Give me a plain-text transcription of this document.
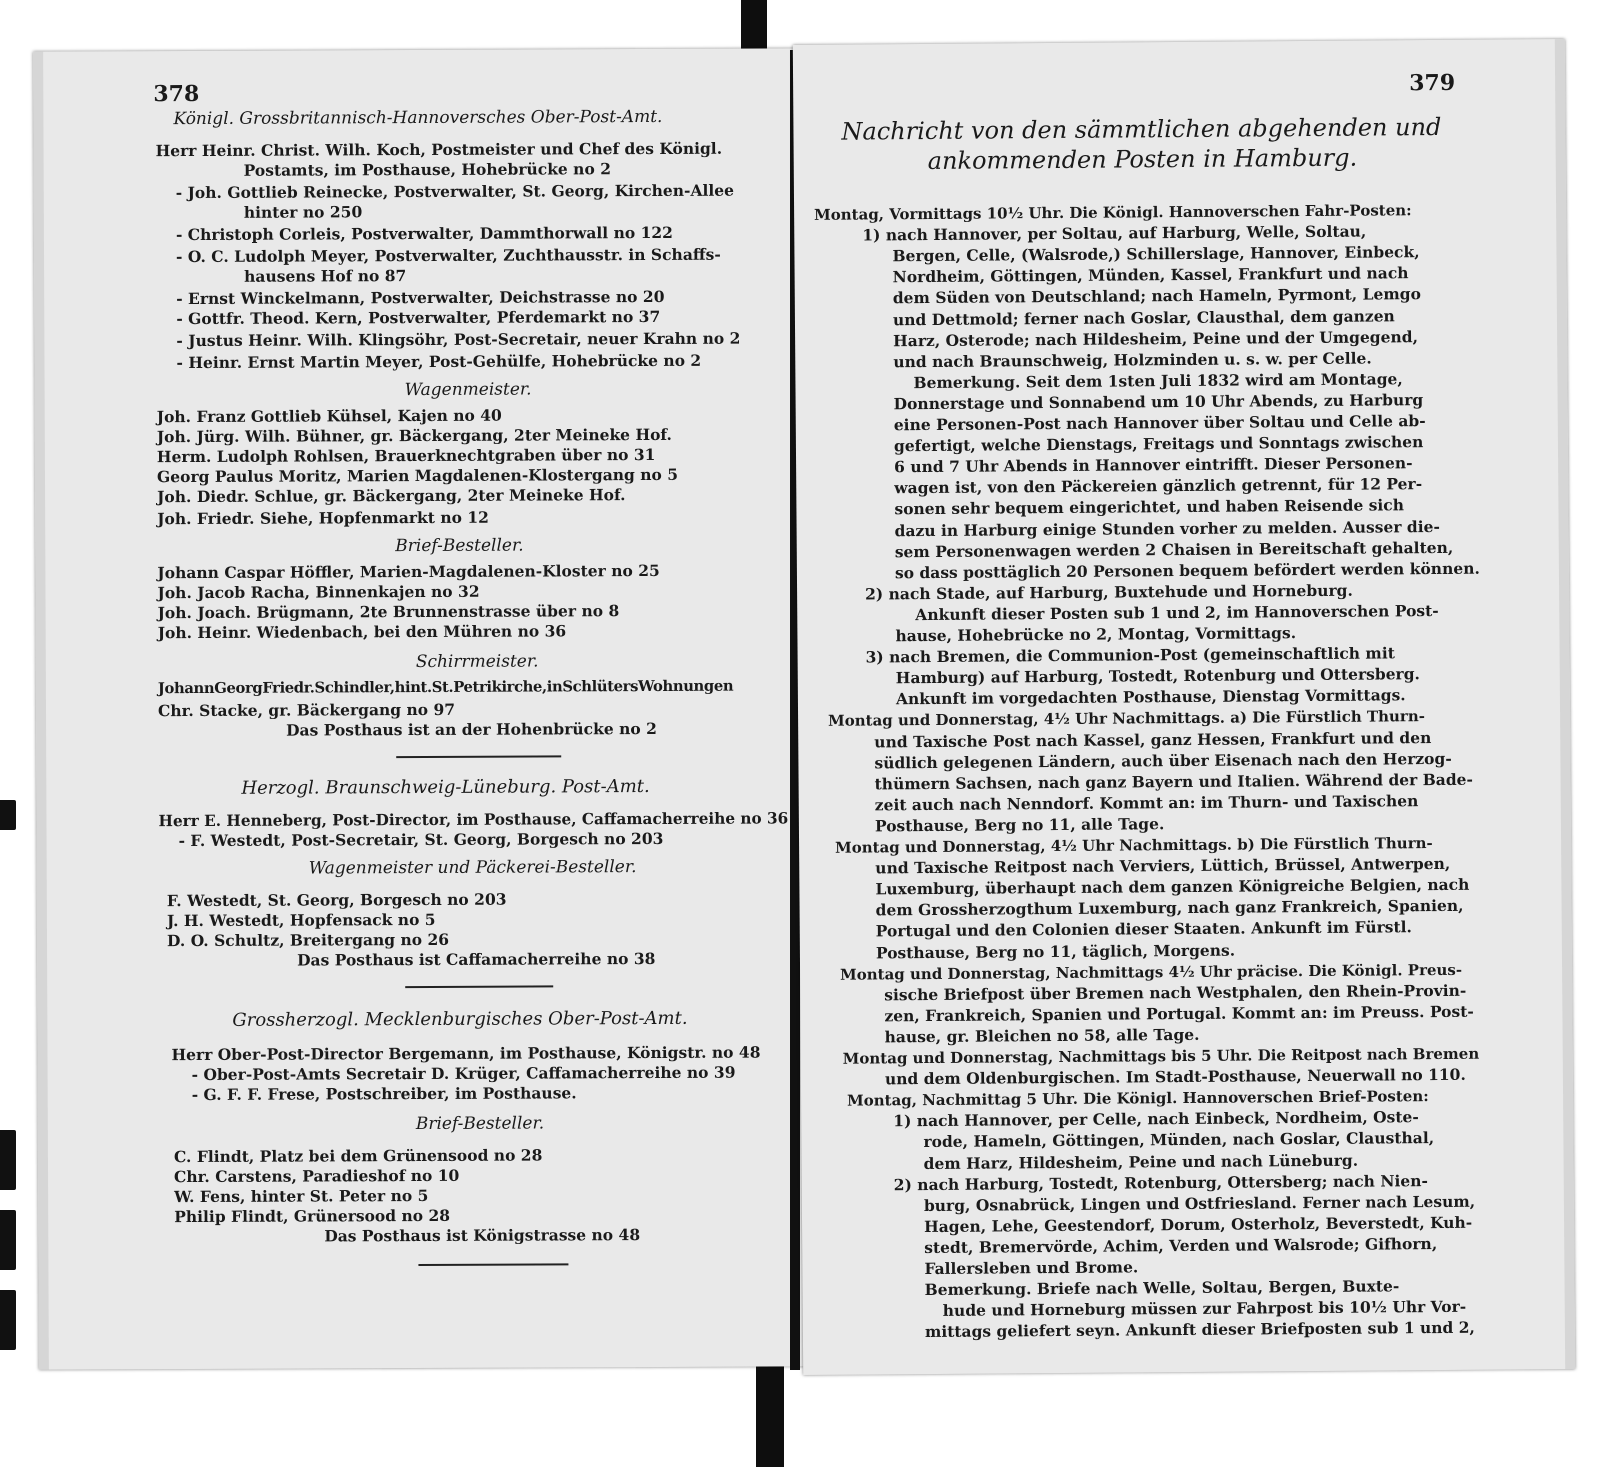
378
Königl. Grossbritannisch-Hannoversches Ober-Post-Amt.
Herr Heinr. Christ. Wilh. Koch, Postmeister und Chef des Königl.
Postamts, im Posthause, Hohebrücke no 2
- Joh. Gottlieb Reinecke, Postverwalter, St. Georg, Kirchen-Allee
hinter no 250
- Christoph Corleis, Postverwalter, Dammthorwall no 122
- O. C. Ludolph Meyer, Postverwalter, Zuchthausstr. in Schaffs-
hausens Hof no 87
- Ernst Winckelmann, Postverwalter, Deichstrasse no 20
- Gottfr. Theod. Kern, Postverwalter, Pferdemarkt no 37
- Justus Heinr. Wilh. Klingsöhr, Post-Secretair, neuer Krahn no 2
- Heinr. Ernst Martin Meyer, Post-Gehülfe, Hohebrücke no 2
Wagenmeister.
Joh. Franz Gottlieb Kühsel, Kajen no 40
Joh. Jürg. Wilh. Bühner, gr. Bäckergang, 2ter Meineke Hof.
Herm. Ludolph Rohlsen, Brauerknechtgraben über no 31
Georg Paulus Moritz, Marien Magdalenen-Klostergang no 5
Joh. Diedr. Schlue, gr. Bäckergang, 2ter Meineke Hof.
Joh. Friedr. Siehe, Hopfenmarkt no 12
Brief-Besteller.
Johann Caspar Höffler, Marien-Magdalenen-Kloster no 25
Joh. Jacob Racha, Binnenkajen no 32
Joh. Joach. Brügmann, 2te Brunnenstrasse über no 8
Joh. Heinr. Wiedenbach, bei den Mühren no 36
Schirrmeister.
JohannGeorgFriedr.Schindler,hint.St.Petrikirche,inSchlütersWohnungen
Chr. Stacke, gr. Bäckergang no 97
Das Posthaus ist an der Hohenbrücke no 2
Herzogl. Braunschweig-Lüneburg. Post-Amt.
Herr E. Henneberg, Post-Director, im Posthause, Caffamacherreihe no 36
- F. Westedt, Post-Secretair, St. Georg, Borgesch no 203
Wagenmeister und Päckerei-Besteller.
F. Westedt, St. Georg, Borgesch no 203
J. H. Westedt, Hopfensack no 5
D. O. Schultz, Breitergang no 26
Das Posthaus ist Caffamacherreihe no 38
Grossherzogl. Mecklenburgisches Ober-Post-Amt.
Herr Ober-Post-Director Bergemann, im Posthause, Königstr. no 48
- Ober-Post-Amts Secretair D. Krüger, Caffamacherreihe no 39
- G. F. F. Frese, Postschreiber, im Posthause.
Brief-Besteller.
C. Flindt, Platz bei dem Grünensood no 28
Chr. Carstens, Paradieshof no 10
W. Fens, hinter St. Peter no 5
Philip Flindt, Grünersood no 28
Das Posthaus ist Königstrasse no 48
379
Nachricht von den sämmtlichen abgehenden und
ankommenden Posten in Hamburg.
Montag, Vormittags 10½ Uhr. Die Königl. Hannoverschen Fahr-Posten:
1) nach Hannover, per Soltau, auf Harburg, Welle, Soltau,
Bergen, Celle, (Walsrode,) Schillerslage, Hannover, Einbeck,
Nordheim, Göttingen, Münden, Kassel, Frankfurt und nach
dem Süden von Deutschland; nach Hameln, Pyrmont, Lemgo
und Dettmold; ferner nach Goslar, Clausthal, dem ganzen
Harz, Osterode; nach Hildesheim, Peine und der Umgegend,
und nach Braunschweig, Holzminden u. s. w. per Celle.
Bemerkung. Seit dem 1sten Juli 1832 wird am Montage,
Donnerstage und Sonnabend um 10 Uhr Abends, zu Harburg
eine Personen-Post nach Hannover über Soltau und Celle ab-
gefertigt, welche Dienstags, Freitags und Sonntags zwischen
6 und 7 Uhr Abends in Hannover eintrifft. Dieser Personen-
wagen ist, von den Päckereien gänzlich getrennt, für 12 Per-
sonen sehr bequem eingerichtet, und haben Reisende sich
dazu in Harburg einige Stunden vorher zu melden. Ausser die-
sem Personenwagen werden 2 Chaisen in Bereitschaft gehalten,
so dass posttäglich 20 Personen bequem befördert werden können.
2) nach Stade, auf Harburg, Buxtehude und Horneburg.
Ankunft dieser Posten sub 1 und 2, im Hannoverschen Post-
hause, Hohebrücke no 2, Montag, Vormittags.
3) nach Bremen, die Communion-Post (gemeinschaftlich mit
Hamburg) auf Harburg, Tostedt, Rotenburg und Ottersberg.
Ankunft im vorgedachten Posthause, Dienstag Vormittags.
Montag und Donnerstag, 4½ Uhr Nachmittags. a) Die Fürstlich Thurn-
und Taxische Post nach Kassel, ganz Hessen, Frankfurt und den
südlich gelegenen Ländern, auch über Eisenach nach den Herzog-
thümern Sachsen, nach ganz Bayern und Italien. Während der Bade-
zeit auch nach Nenndorf. Kommt an: im Thurn- und Taxischen
Posthause, Berg no 11, alle Tage.
Montag und Donnerstag, 4½ Uhr Nachmittags. b) Die Fürstlich Thurn-
und Taxische Reitpost nach Verviers, Lüttich, Brüssel, Antwerpen,
Luxemburg, überhaupt nach dem ganzen Königreiche Belgien, nach
dem Grossherzogthum Luxemburg, nach ganz Frankreich, Spanien,
Portugal und den Colonien dieser Staaten. Ankunft im Fürstl.
Posthause, Berg no 11, täglich, Morgens.
Montag und Donnerstag, Nachmittags 4½ Uhr präcise. Die Königl. Preus-
sische Briefpost über Bremen nach Westphalen, den Rhein-Provin-
zen, Frankreich, Spanien und Portugal. Kommt an: im Preuss. Post-
hause, gr. Bleichen no 58, alle Tage.
Montag und Donnerstag, Nachmittags bis 5 Uhr. Die Reitpost nach Bremen
und dem Oldenburgischen. Im Stadt-Posthause, Neuerwall no 110.
Montag, Nachmittag 5 Uhr. Die Königl. Hannoverschen Brief-Posten:
1) nach Hannover, per Celle, nach Einbeck, Nordheim, Oste-
rode, Hameln, Göttingen, Münden, nach Goslar, Clausthal,
dem Harz, Hildesheim, Peine und nach Lüneburg.
2) nach Harburg, Tostedt, Rotenburg, Ottersberg; nach Nien-
burg, Osnabrück, Lingen und Ostfriesland. Ferner nach Lesum,
Hagen, Lehe, Geestendorf, Dorum, Osterholz, Beverstedt, Kuh-
stedt, Bremervörde, Achim, Verden und Walsrode; Gifhorn,
Fallersleben und Brome.
Bemerkung. Briefe nach Welle, Soltau, Bergen, Buxte-
hude und Horneburg müssen zur Fahrpost bis 10½ Uhr Vor-
mittags geliefert seyn. Ankunft dieser Briefposten sub 1 und 2,
